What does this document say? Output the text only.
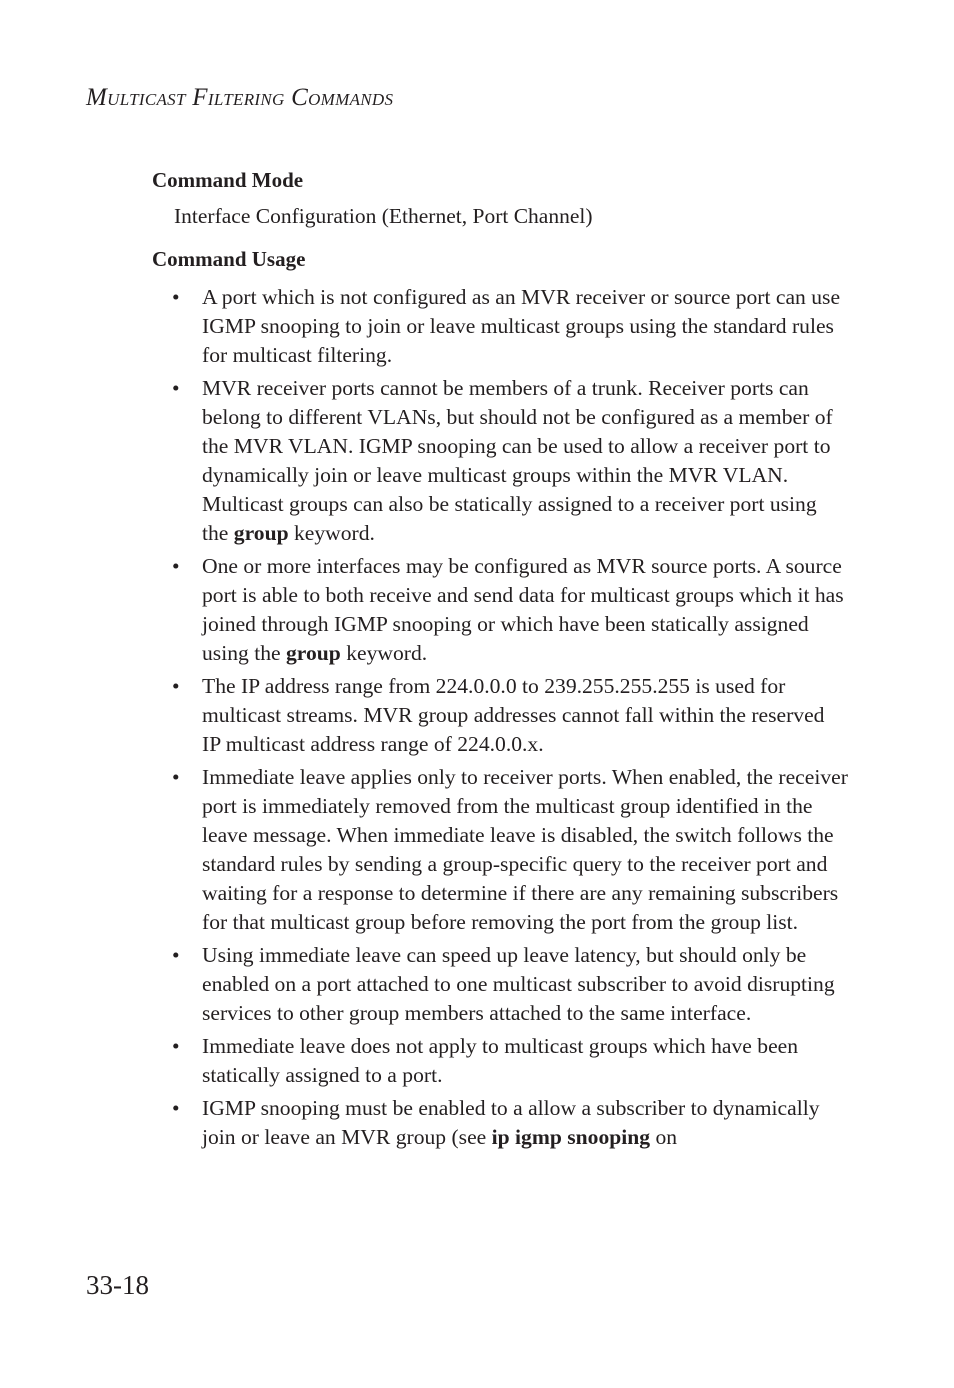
MULTICAST FILTERING COMMANDS
Command Mode
Interface Configuration (Ethernet, Port Channel)
Command Usage
• A port which is not configured as an MVR receiver or source port can use IGMP snooping to join or leave multicast groups using the standard rules for multicast filtering.
• MVR receiver ports cannot be members of a trunk. Receiver ports can belong to different VLANs, but should not be configured as a member of the MVR VLAN. IGMP snooping can be used to allow a receiver port to dynamically join or leave multicast groups within the MVR VLAN. Multicast groups can also be statically assigned to a receiver port using the group keyword.
• One or more interfaces may be configured as MVR source ports. A source port is able to both receive and send data for multicast groups which it has joined through IGMP snooping or which have been statically assigned using the group keyword.
• The IP address range from 224.0.0.0 to 239.255.255.255 is used for multicast streams. MVR group addresses cannot fall within the reserved IP multicast address range of 224.0.0.x.
• Immediate leave applies only to receiver ports. When enabled, the receiver port is immediately removed from the multicast group identified in the leave message. When immediate leave is disabled, the switch follows the standard rules by sending a group-specific query to the receiver port and waiting for a response to determine if there are any remaining subscribers for that multicast group before removing the port from the group list.
• Using immediate leave can speed up leave latency, but should only be enabled on a port attached to one multicast subscriber to avoid disrupting services to other group members attached to the same interface.
• Immediate leave does not apply to multicast groups which have been statically assigned to a port.
• IGMP snooping must be enabled to a allow a subscriber to dynamically join or leave an MVR group (see ip igmp snooping on
33-18
